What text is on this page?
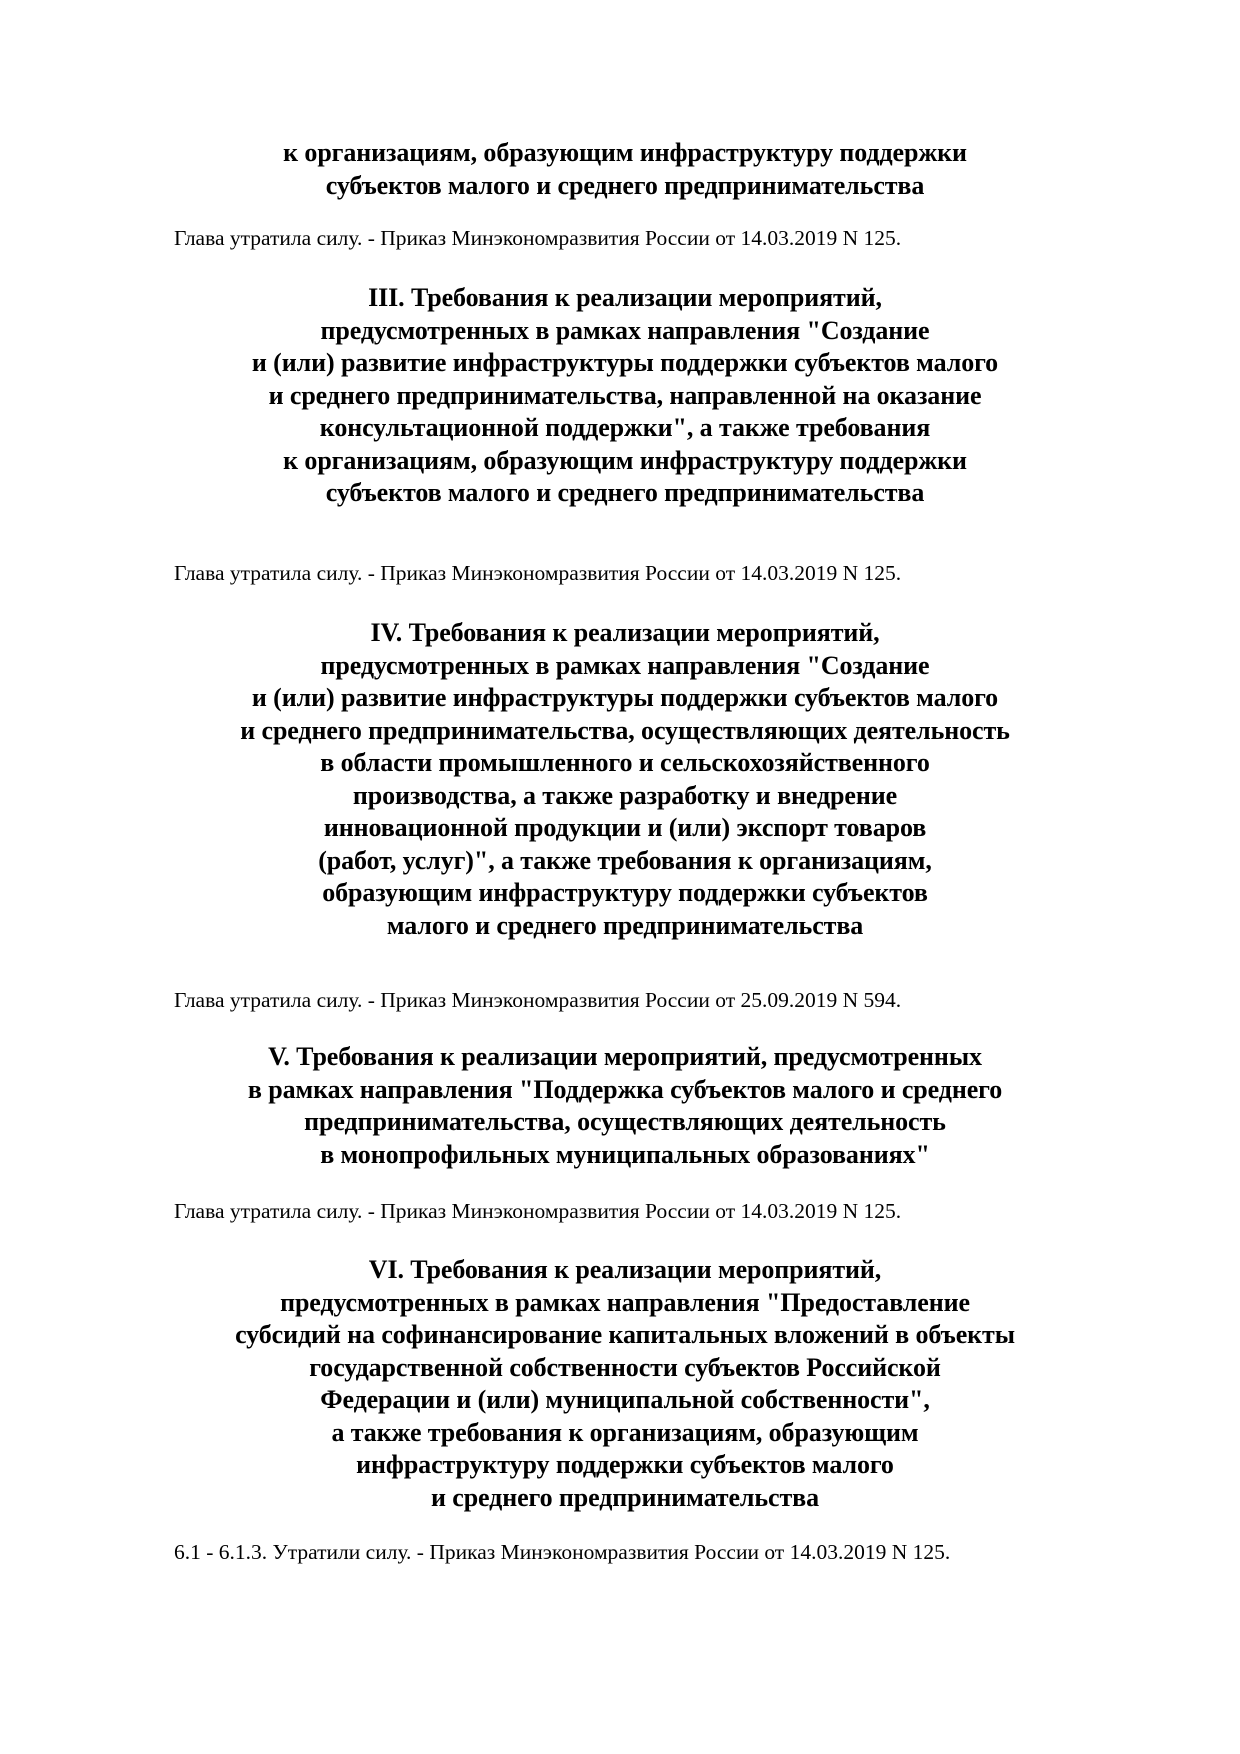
к организациям, образующим инфраструктуру поддержки
субъектов малого и среднего предпринимательства
Глава утратила силу. - Приказ Минэкономразвития России от 14.03.2019 N 125.
III. Требования к реализации мероприятий,
предусмотренных в рамках направления "Создание
и (или) развитие инфраструктуры поддержки субъектов малого
и среднего предпринимательства, направленной на оказание
консультационной поддержки", а также требования
к организациям, образующим инфраструктуру поддержки
субъектов малого и среднего предпринимательства
Глава утратила силу. - Приказ Минэкономразвития России от 14.03.2019 N 125.
IV. Требования к реализации мероприятий,
предусмотренных в рамках направления "Создание
и (или) развитие инфраструктуры поддержки субъектов малого
и среднего предпринимательства, осуществляющих деятельность
в области промышленного и сельскохозяйственного
производства, а также разработку и внедрение
инновационной продукции и (или) экспорт товаров
(работ, услуг)", а также требования к организациям,
образующим инфраструктуру поддержки субъектов
малого и среднего предпринимательства
Глава утратила силу. - Приказ Минэкономразвития России от 25.09.2019 N 594.
V. Требования к реализации мероприятий, предусмотренных
в рамках направления "Поддержка субъектов малого и среднего
предпринимательства, осуществляющих деятельность
в монопрофильных муниципальных образованиях"
Глава утратила силу. - Приказ Минэкономразвития России от 14.03.2019 N 125.
VI. Требования к реализации мероприятий,
предусмотренных в рамках направления "Предоставление
субсидий на софинансирование капитальных вложений в объекты
государственной собственности субъектов Российской
Федерации и (или) муниципальной собственности",
а также требования к организациям, образующим
инфраструктуру поддержки субъектов малого
и среднего предпринимательства
6.1 - 6.1.3. Утратили силу. - Приказ Минэкономразвития России от 14.03.2019 N 125.
